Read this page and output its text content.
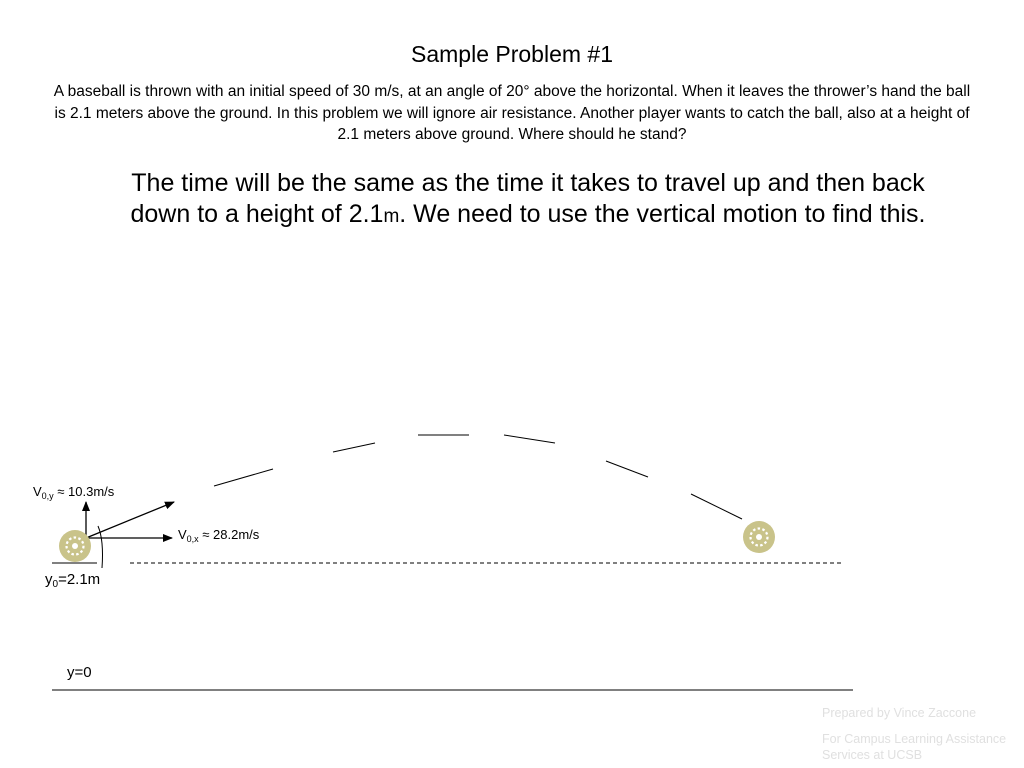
Sample Problem #1
A baseball is thrown with an initial speed of 30 m/s, at an angle of 20° above the horizontal. When it leaves the thrower’s hand the ball is 2.1 meters above the ground. In this problem we will ignore air resistance. Another player wants to catch the ball, also at a height of 2.1 meters above ground. Where should he stand?
The time will be the same as the time it takes to travel up and then back down to a height of 2.1m. We need to use the vertical motion to find this.
$V_{0,y} \approx 10.3m/s$
$V_{0,x} \approx 28.2m/s$
$y_0=2.1m$
y=0
Prepared by Vince Zaccone
For Campus Learning Assistance Services at UCSB
